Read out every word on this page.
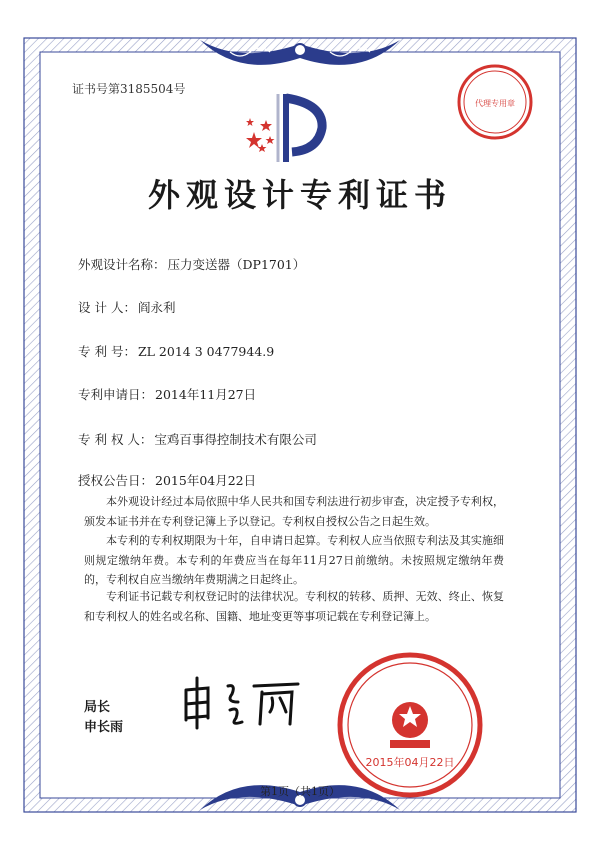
证书号第3185504号
代理专用章
外观设计专利证书
外观设计名称： 压力变送器（DP1701）
设 计 人： 阎永利
专 利 号： ZL 2014 3 0477944.9
专利申请日： 2014年11月27日
专 利 权 人： 宝鸡百事得控制技术有限公司
授权公告日： 2015年04月22日
本外观设计经过本局依照中华人民共和国专利法进行初步审查，决定授予专利权，颁发本证书并在专利登记簿上予以登记。专利权自授权公告之日起生效。
本专利的专利权期限为十年，自申请日起算。专利权人应当依照专利法及其实施细则规定缴纳年费。本专利的年费应当在每年11月27日前缴纳。未按照规定缴纳年费的，专利权自应当缴纳年费期满之日起终止。
专利证书记载专利权登记时的法律状况。专利权的转移、质押、无效、终止、恢复和专利权人的姓名或名称、国籍、地址变更等事项记载在专利登记簿上。
局长
申长雨
2015年04月22日
第1页（共1页）
